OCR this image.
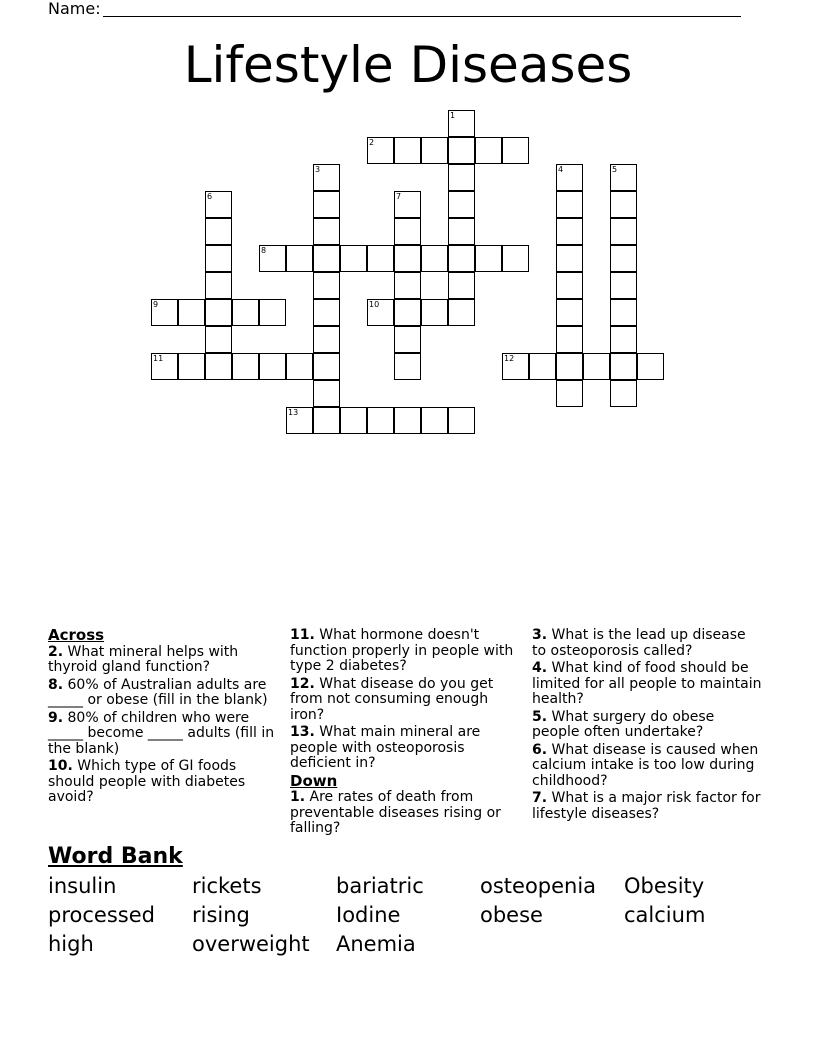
Name:
Lifestyle Diseases
1
2
3	4	5
6	7
8
9	10
11	12
13

Across

2. What mineral helps with thyroid gland function?

8. 60% of Australian adults are _____ or obese (fill in the blank)

9. 80% of children who were _____ become _____ adults (fill in the blank)

10. Which type of GI foods should people with diabetes avoid?

11. What hormone doesn't function properly in people with type 2 diabetes?

12. What disease do you get from not consuming enough iron?

13. What main mineral are people with osteoporosis deficient in?

Down

1. Are rates of death from preventable diseases rising or falling?

3. What is the lead up disease to osteoporosis called?

4. What kind of food should be limited for all people to maintain health?

5. What surgery do obese people often undertake?

6. What disease is caused when calcium intake is too low during childhood?

7. What is a major risk factor for lifestyle diseases?

Word Bank
insulin	rickets	bariatric	osteopenia	Obesity
processed	rising	Iodine	obese	calcium
high	overweight	Anemia
